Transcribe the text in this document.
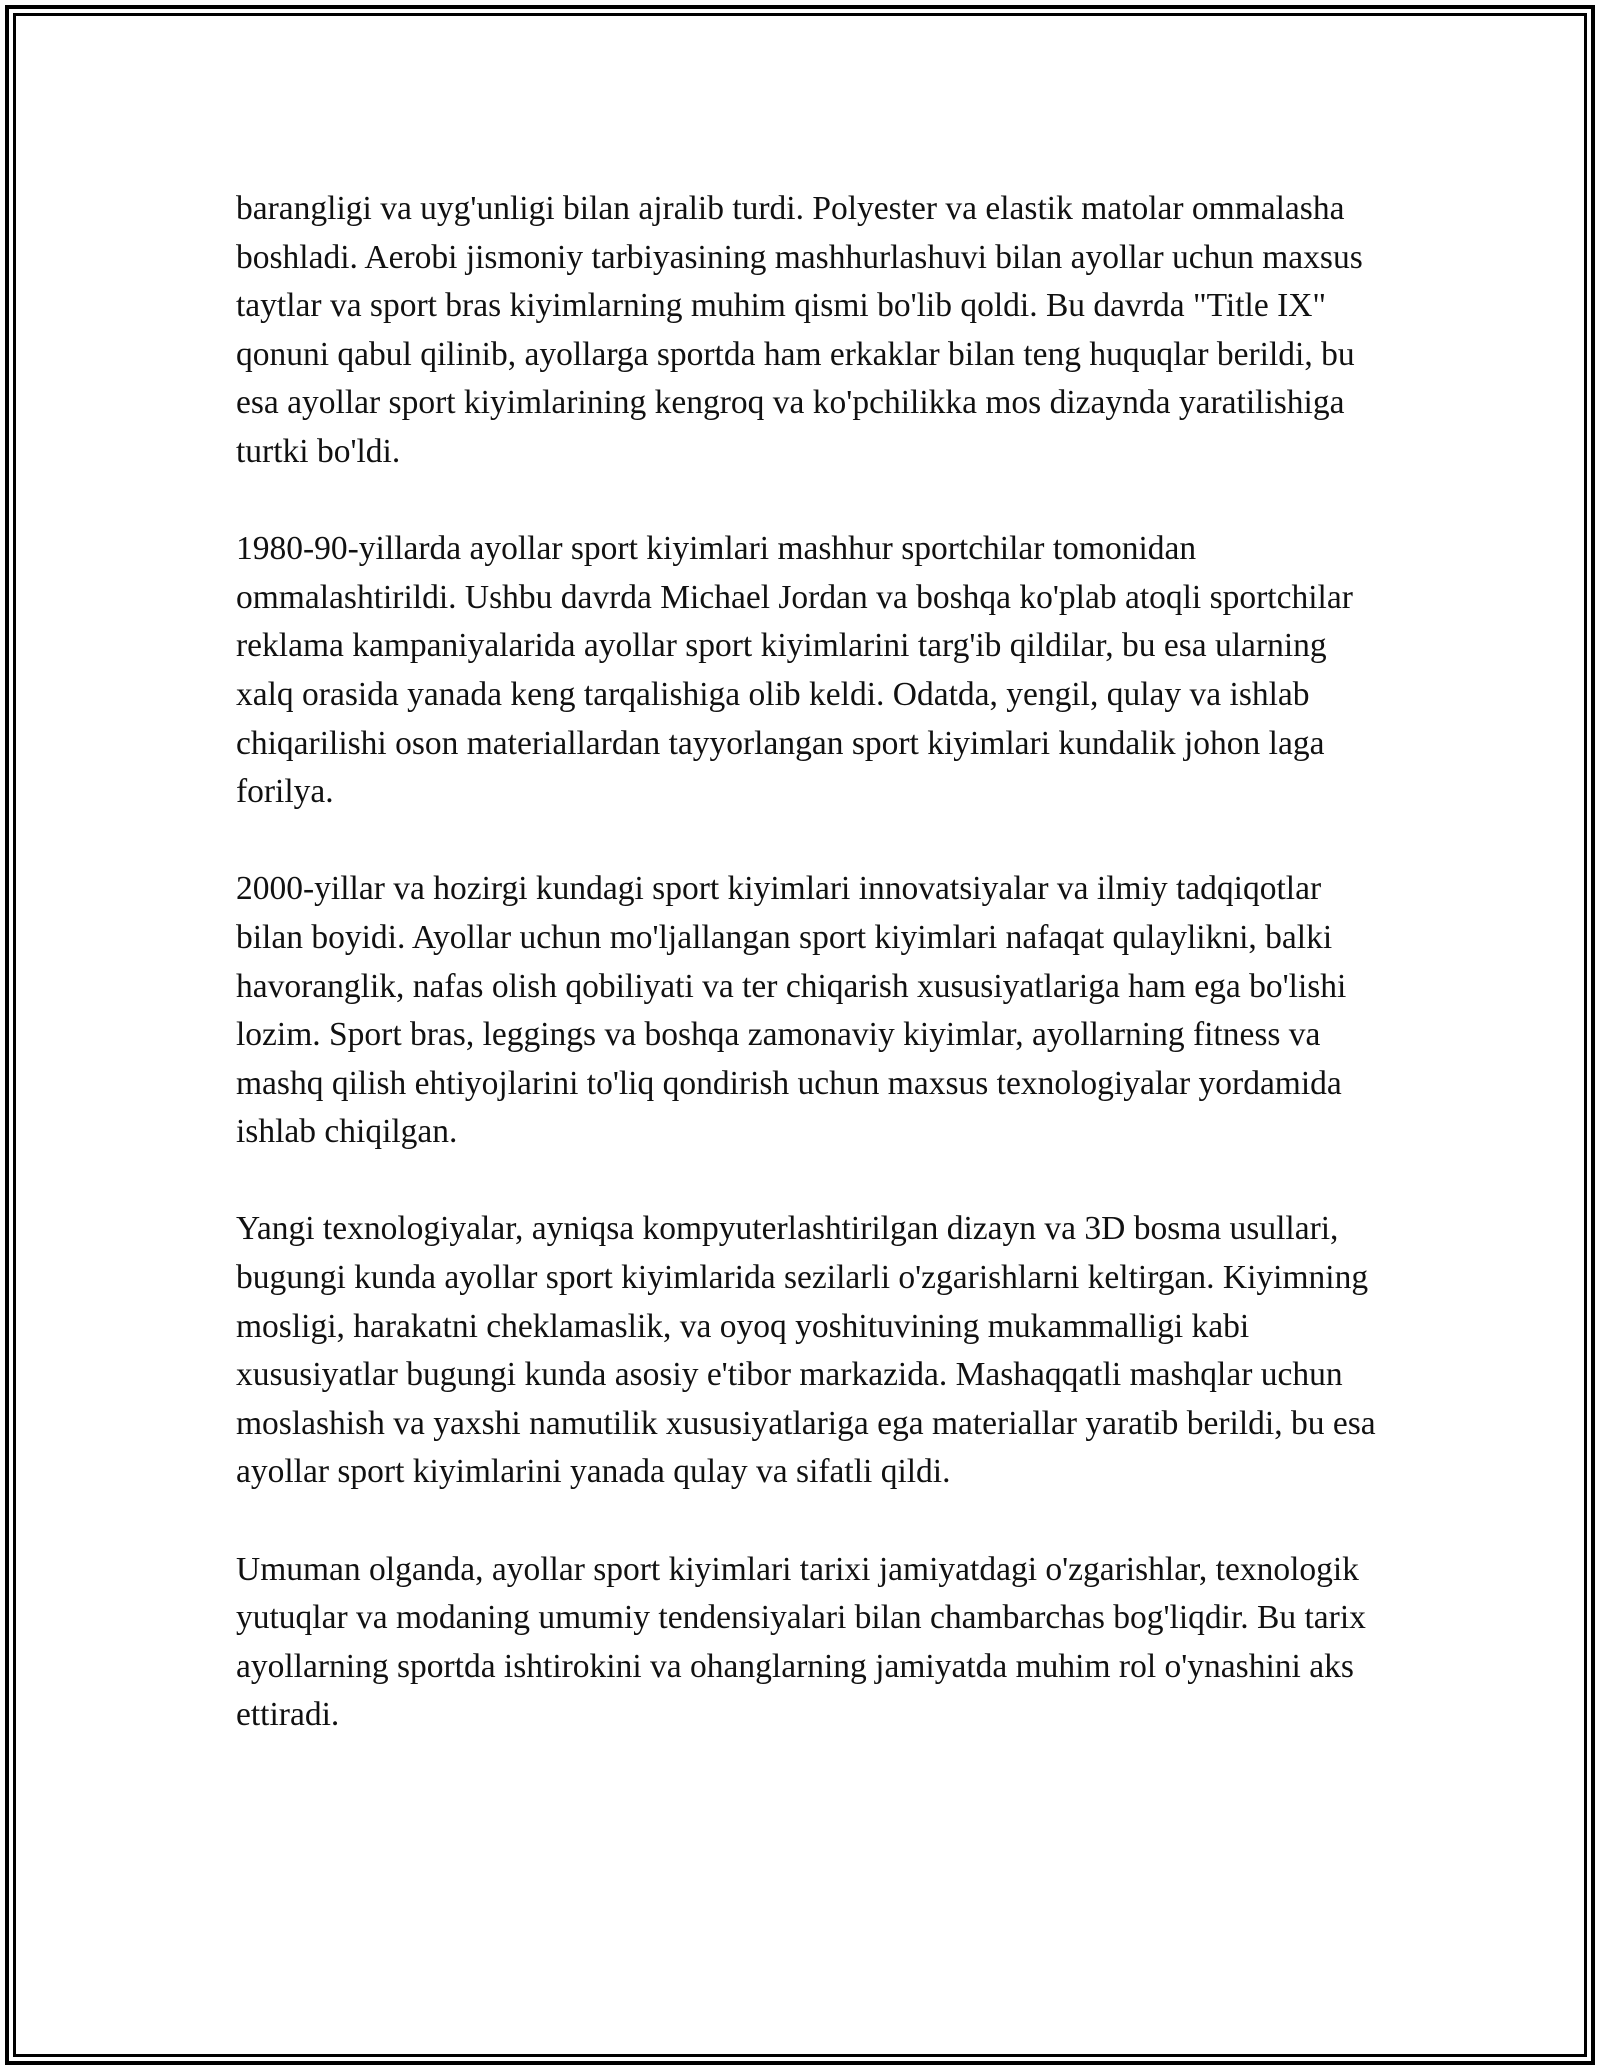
barangligi va uyg'unligi bilan ajralib turdi. Polyester va elastik matolar ommalasha boshladi. Aerobi jismoniy tarbiyasining mashhurlashuvi bilan ayollar uchun maxsus taytlar va sport bras kiyimlarning muhim qismi bo'lib qoldi. Bu davrda "Title IX" qonuni qabul qilinib, ayollarga sportda ham erkaklar bilan teng huquqlar berildi, bu esa ayollar sport kiyimlarining kengroq va ko'pchilikka mos dizaynda yaratilishiga turtki bo'ldi.

1980-90-yillarda ayollar sport kiyimlari mashhur sportchilar tomonidan ommalashtirildi. Ushbu davrda Michael Jordan va boshqa ko'plab atoqli sportchilar reklama kampaniyalarida ayollar sport kiyimlarini targ'ib qildilar, bu esa ularning xalq orasida yanada keng tarqalishiga olib keldi. Odatda, yengil, qulay va ishlab chiqarilishi oson materiallardan tayyorlangan sport kiyimlari kundalik johon laga forilya.

2000-yillar va hozirgi kundagi sport kiyimlari innovatsiyalar va ilmiy tadqiqotlar bilan boyidi. Ayollar uchun mo'ljallangan sport kiyimlari nafaqat qulaylikni, balki havoranglik, nafas olish qobiliyati va ter chiqarish xususiyatlariga ham ega bo'lishi lozim. Sport bras, leggings va boshqa zamonaviy kiyimlar, ayollarning fitness va mashq qilish ehtiyojlarini to'liq qondirish uchun maxsus texnologiyalar yordamida ishlab chiqilgan.

Yangi texnologiyalar, ayniqsa kompyuterlashtirilgan dizayn va 3D bosma usullari, bugungi kunda ayollar sport kiyimlarida sezilarli o'zgarishlarni keltirgan. Kiyimning mosligi, harakatni cheklamaslik, va oyoq yoshituvining mukammalligi kabi xususiyatlar bugungi kunda asosiy e'tibor markazida. Mashaqqatli mashqlar uchun moslashish va yaxshi namutilik xususiyatlariga ega materiallar yaratib berildi, bu esa ayollar sport kiyimlarini yanada qulay va sifatli qildi.

Umuman olganda, ayollar sport kiyimlari tarixi jamiyatdagi o'zgarishlar, texnologik yutuqlar va modaning umumiy tendensiyalari bilan chambarchas bog'liqdir. Bu tarix ayollarning sportda ishtirokini va ohanglarning jamiyatda muhim rol o'ynashini aks ettiradi.
